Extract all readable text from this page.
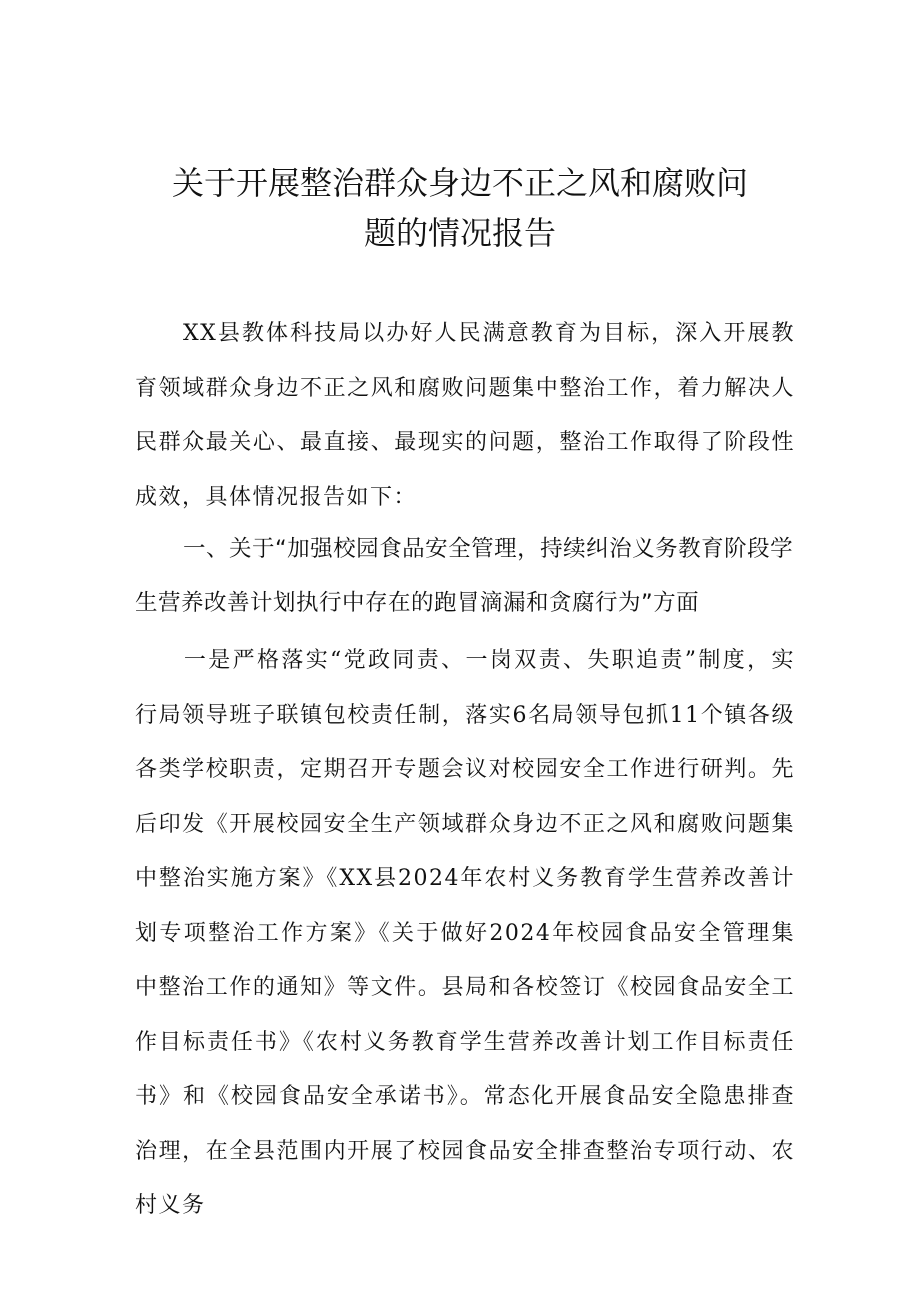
关于开展整治群众身边不正之风和腐败问
题的情况报告

XX县教体科技局以办好人民满意教育为目标，深入开展教育领域群众身边不正之风和腐败问题集中整治工作，着力解决人民群众最关心、最直接、最现实的问题，整治工作取得了阶段性成效，具体情况报告如下：

一、关于“加强校园食品安全管理，持续纠治义务教育阶段学生营养改善计划执行中存在的跑冒滴漏和贪腐行为”方面

一是严格落实“党政同责、一岗双责、失职追责”制度，实行局领导班子联镇包校责任制，落实6名局领导包抓11个镇各级各类学校职责，定期召开专题会议对校园安全工作进行研判。先后印发《开展校园安全生产领域群众身边不正之风和腐败问题集中整治实施方案》《XX县2024年农村义务教育学生营养改善计划专项整治工作方案》《关于做好2024年校园食品安全管理集中整治工作的通知》等文件。县局和各校签订《校园食品安全工作目标责任书》《农村义务教育学生营养改善计划工作目标责任书》和《校园食品安全承诺书》。常态化开展食品安全隐患排查治理，在全县范围内开展了校园食品安全排查整治专项行动、农村义务
